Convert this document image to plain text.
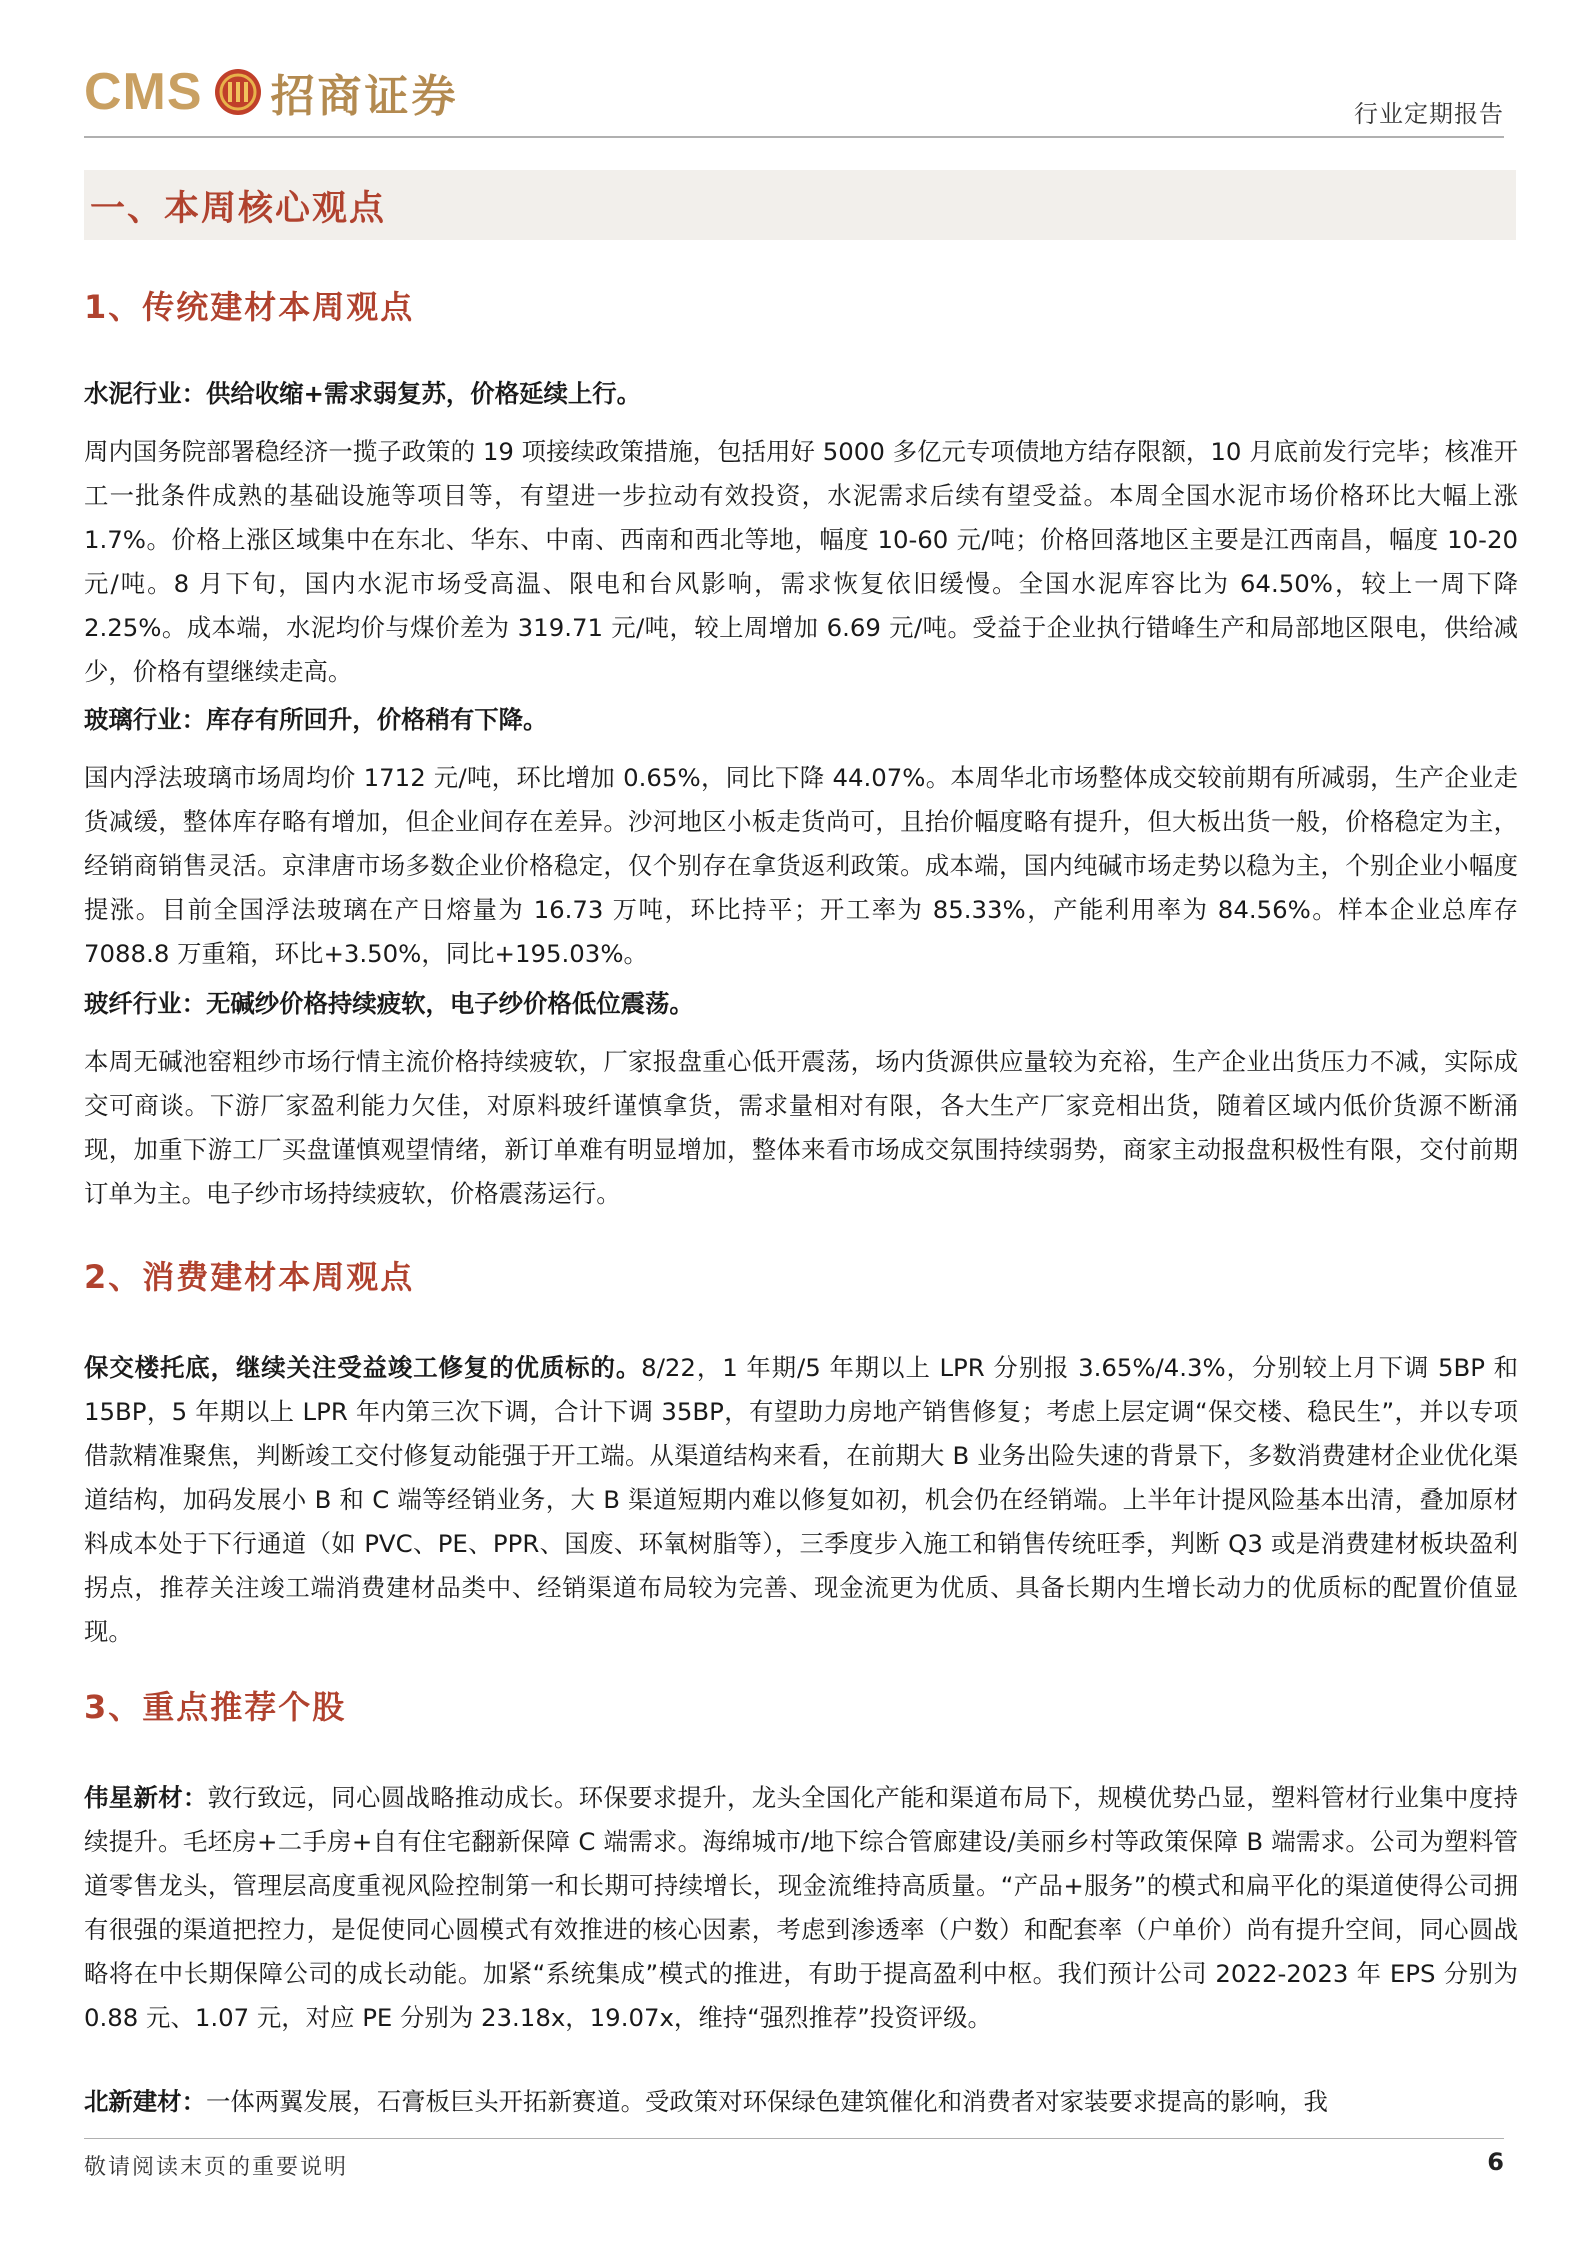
CMS 招商证券	行业定期报告
一、本周核心观点
1、传统建材本周观点
水泥行业：供给收缩+需求弱复苏，价格延续上行。
周内国务院部署稳经济一揽子政策的 19 项接续政策措施，包括用好 5000 多亿元专项债地方结存限额，10 月底前发行完毕；核准开工一批条件成熟的基础设施等项目等，有望进一步拉动有效投资，水泥需求后续有望受益。本周全国水泥市场价格环比大幅上涨 1.7%。价格上涨区域集中在东北、华东、中南、西南和西北等地，幅度 10-60 元/吨；价格回落地区主要是江西南昌，幅度 10-20 元/吨。8 月下旬，国内水泥市场受高温、限电和台风影响，需求恢复依旧缓慢。全国水泥库容比为 64.50%，较上一周下降 2.25%。成本端，水泥均价与煤价差为 319.71 元/吨，较上周增加 6.69 元/吨。受益于企业执行错峰生产和局部地区限电，供给减少，价格有望继续走高。
玻璃行业：库存有所回升，价格稍有下降。
国内浮法玻璃市场周均价 1712 元/吨，环比增加 0.65%，同比下降 44.07%。本周华北市场整体成交较前期有所减弱，生产企业走货减缓，整体库存略有增加，但企业间存在差异。沙河地区小板走货尚可，且抬价幅度略有提升，但大板出货一般，价格稳定为主，经销商销售灵活。京津唐市场多数企业价格稳定，仅个别存在拿货返利政策。成本端，国内纯碱市场走势以稳为主，个别企业小幅度提涨。目前全国浮法玻璃在产日熔量为 16.73 万吨，环比持平；开工率为 85.33%，产能利用率为 84.56%。样本企业总库存 7088.8 万重箱，环比+3.50%，同比+195.03%。
玻纤行业：无碱纱价格持续疲软，电子纱价格低位震荡。
本周无碱池窑粗纱市场行情主流价格持续疲软，厂家报盘重心低开震荡，场内货源供应量较为充裕，生产企业出货压力不减，实际成交可商谈。下游厂家盈利能力欠佳，对原料玻纤谨慎拿货，需求量相对有限，各大生产厂家竞相出货，随着区域内低价货源不断涌现，加重下游工厂买盘谨慎观望情绪，新订单难有明显增加，整体来看市场成交氛围持续弱势，商家主动报盘积极性有限，交付前期订单为主。电子纱市场持续疲软，价格震荡运行。
2、消费建材本周观点
保交楼托底，继续关注受益竣工修复的优质标的。8/22，1 年期/5 年期以上 LPR 分别报 3.65%/4.3%，分别较上月下调 5BP 和 15BP，5 年期以上 LPR 年内第三次下调，合计下调 35BP，有望助力房地产销售修复；考虑上层定调“保交楼、稳民生”，并以专项借款精准聚焦，判断竣工交付修复动能强于开工端。从渠道结构来看，在前期大 B 业务出险失速的背景下，多数消费建材企业优化渠道结构，加码发展小 B 和 C 端等经销业务，大 B 渠道短期内难以修复如初，机会仍在经销端。上半年计提风险基本出清，叠加原材料成本处于下行通道（如 PVC、PE、PPR、国废、环氧树脂等），三季度步入施工和销售传统旺季，判断 Q3 或是消费建材板块盈利拐点，推荐关注竣工端消费建材品类中、经销渠道布局较为完善、现金流更为优质、具备长期内生增长动力的优质标的配置价值显现。
3、重点推荐个股
伟星新材：敦行致远，同心圆战略推动成长。环保要求提升，龙头全国化产能和渠道布局下，规模优势凸显，塑料管材行业集中度持续提升。毛坯房+二手房+自有住宅翻新保障 C 端需求。海绵城市/地下综合管廊建设/美丽乡村等政策保障 B 端需求。公司为塑料管道零售龙头，管理层高度重视风险控制第一和长期可持续增长，现金流维持高质量。“产品+服务”的模式和扁平化的渠道使得公司拥有很强的渠道把控力，是促使同心圆模式有效推进的核心因素，考虑到渗透率（户数）和配套率（户单价）尚有提升空间，同心圆战略将在中长期保障公司的成长动能。加紧“系统集成”模式的推进，有助于提高盈利中枢。我们预计公司 2022-2023 年 EPS 分别为 0.88 元、1.07 元，对应 PE 分别为 23.18x，19.07x，维持“强烈推荐”投资评级。
北新建材：一体两翼发展，石膏板巨头开拓新赛道。受政策对环保绿色建筑催化和消费者对家装要求提高的影响，我
敬请阅读末页的重要说明	6
